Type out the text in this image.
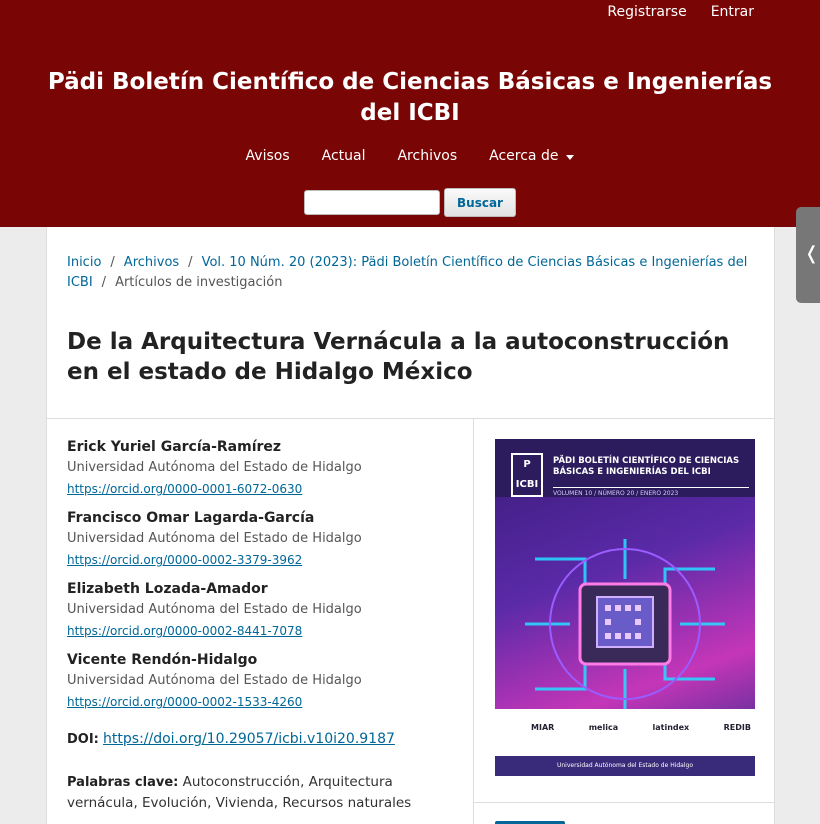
Registrarse Entrar
Pädi Boletín Científico de Ciencias Básicas e Ingenierías del ICBI
Avisos Actual Archivos Acerca de
Buscar
❬
Inicio / Archivos / Vol. 10 Núm. 20 (2023): Pädi Boletín Científico de Ciencias Básicas e Ingenierías del ICBI / Artículos de investigación
De la Arquitectura Vernácula a la autoconstrucción en el estado de Hidalgo México
Erick Yuriel García-Ramírez
Universidad Autónoma del Estado de Hidalgo
https://orcid.org/0000-0001-6072-0630
Francisco Omar Lagarda-García
Universidad Autónoma del Estado de Hidalgo
https://orcid.org/0000-0002-3379-3962
Elizabeth Lozada-Amador
Universidad Autónoma del Estado de Hidalgo
https://orcid.org/0000-0002-8441-7078
Vicente Rendón-Hidalgo
Universidad Autónoma del Estado de Hidalgo
https://orcid.org/0000-0002-1533-4260
DOI: https://doi.org/10.29057/icbi.v10i20.9187
Palabras clave: Autoconstrucción, Arquitectura vernácula, Evolución, Vivienda, Recursos naturales
P
ICBI
PÄDI BOLETÍN CIENTÍFICO DE CIENCIAS BÁSICAS E INGENIERÍAS DEL ICBI
VOLUMEN 10 / NÚMERO 20 / ENERO 2023
MIAR	melica	latindex	REDIB
Universidad Autónoma del Estado de Hidalgo
